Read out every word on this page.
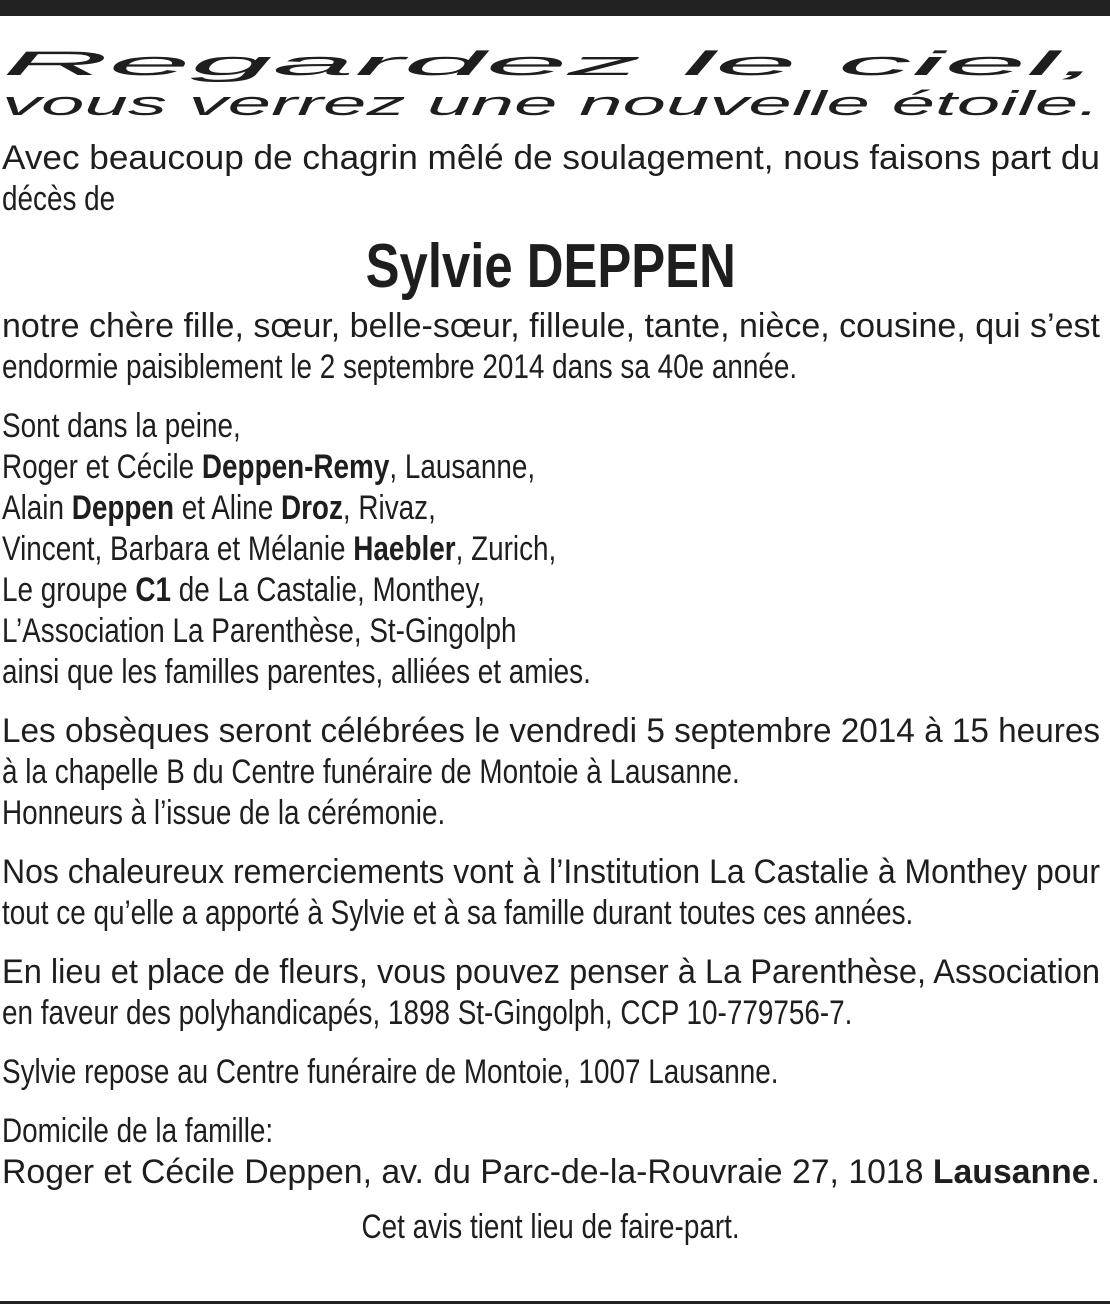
Regardez le ciel,
vous verrez une nouvelle étoile.
Avec beaucoup de chagrin mêlé de soulagement, nous faisons part du
décès de
Sylvie DEPPEN
notre chère fille, sœur, belle-sœur, filleule, tante, nièce, cousine, qui s’est
endormie paisiblement le 2 septembre 2014 dans sa 40e année.
Sont dans la peine,
Roger et Cécile Deppen-Remy, Lausanne,
Alain Deppen et Aline Droz, Rivaz,
Vincent, Barbara et Mélanie Haebler, Zurich,
Le groupe C1 de La Castalie, Monthey,
L’Association La Parenthèse, St-Gingolph
ainsi que les familles parentes, alliées et amies.
Les obsèques seront célébrées le vendredi 5 septembre 2014 à 15 heures
à la chapelle B du Centre funéraire de Montoie à Lausanne.
Honneurs à l’issue de la cérémonie.
Nos chaleureux remerciements vont à l’Institution La Castalie à Monthey pour
tout ce qu’elle a apporté à Sylvie et à sa famille durant toutes ces années.
En lieu et place de fleurs, vous pouvez penser à La Parenthèse, Association
en faveur des polyhandicapés, 1898 St-Gingolph, CCP 10-779756-7.
Sylvie repose au Centre funéraire de Montoie, 1007 Lausanne.
Domicile de la famille:
Roger et Cécile Deppen, av. du Parc-de-la-Rouvraie 27, 1018 Lausanne.
Cet avis tient lieu de faire-part.
